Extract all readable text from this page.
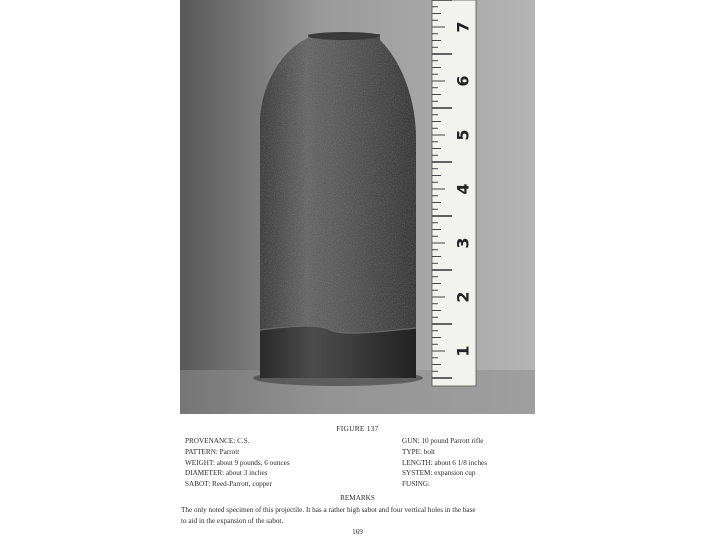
1
2
3
4
5
6
7
FIGURE 137
PROVENANCE: C.S.
PATTERN: Parrott
WEIGHT: about 9 pounds, 6 ounces
DIAMETER: about 3 inches
SABOT: Reed-Parrott, copper
GUN: 10 pound Parrott rifle
TYPE: bolt
LENGTH: about 6 1/8 inches
SYSTEM: expansion cup
FUSING:
REMARKS
The only noted specimen of this projectile. It has a rather high sabot and four vertical holes in the base
to aid in the expansion of the sabot.
169
